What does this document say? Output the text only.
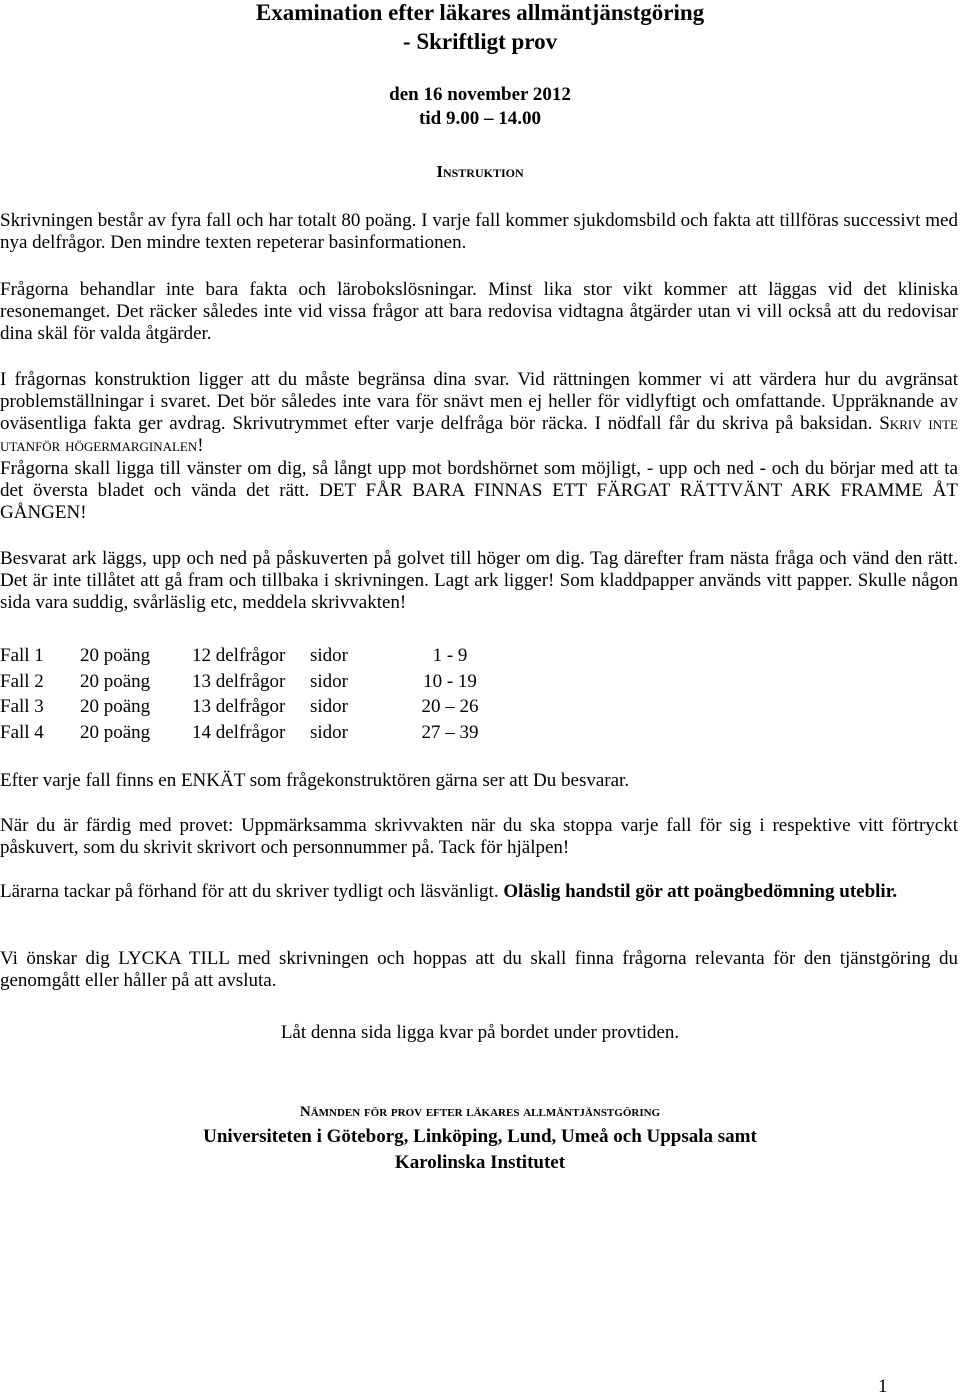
Examination efter läkares allmäntjänstgöring
- Skriftligt prov
den 16 november 2012
tid 9.00 – 14.00
Instruktion
Skrivningen består av fyra fall och har totalt 80 poäng. I varje fall kommer sjukdomsbild och fakta att tillföras successivt med nya delfrågor. Den mindre texten repeterar basinformationen.
Frågorna behandlar inte bara fakta och lärobokslösningar. Minst lika stor vikt kommer att läggas vid det kliniska resonemanget. Det räcker således inte vid vissa frågor att bara redovisa vidtagna åtgärder utan vi vill också att du redovisar dina skäl för valda åtgärder.
I frågornas konstruktion ligger att du måste begränsa dina svar. Vid rättningen kommer vi att värdera hur du avgränsat problemställningar i svaret. Det bör således inte vara för snävt men ej heller för vidlyftigt och omfattande. Uppräknande av oväsentliga fakta ger avdrag. Skrivutrymmet efter varje delfråga bör räcka. I nödfall får du skriva på baksidan. Skriv inte utanför högermarginalen!
Frågorna skall ligga till vänster om dig, så långt upp mot bordshörnet som möjligt, - upp och ned - och du börjar med att ta det översta bladet och vända det rätt. DET FÅR BARA FINNAS ETT FÄRGAT RÄTTVÄNT ARK FRAMME ÅT GÅNGEN!
Besvarat ark läggs, upp och ned på påskuverten på golvet till höger om dig. Tag därefter fram nästa fråga och vänd den rätt. Det är inte tillåtet att gå fram och tillbaka i skrivningen. Lagt ark ligger! Som kladdpapper används vitt papper. Skulle någon sida vara suddig, svårläslig etc, meddela skrivvakten!
Fall 1	20 poäng	12 delfrågor	sidor	1 - 9
Fall 2	20 poäng	13 delfrågor	sidor	10 - 19
Fall 3	20 poäng	13 delfrågor	sidor	20 – 26
Fall 4	20 poäng	14 delfrågor	sidor	27 – 39
Efter varje fall finns en ENKÄT som frågekonstruktören gärna ser att Du besvarar.
När du är färdig med provet: Uppmärksamma skrivvakten när du ska stoppa varje fall för sig i respektive vitt förtryckt påskuvert, som du skrivit skrivort och personnummer på. Tack för hjälpen!
Lärarna tackar på förhand för att du skriver tydligt och läsvänligt. Oläslig handstil gör att poängbedömning uteblir.
Vi önskar dig LYCKA TILL med skrivningen och hoppas att du skall finna frågorna relevanta för den tjänstgöring du genomgått eller håller på att avsluta.
Låt denna sida ligga kvar på bordet under provtiden.
Nämnden för prov efter läkares allmäntjänstgöring
Universiteten i Göteborg, Linköping, Lund, Umeå och Uppsala samt
Karolinska Institutet
1
